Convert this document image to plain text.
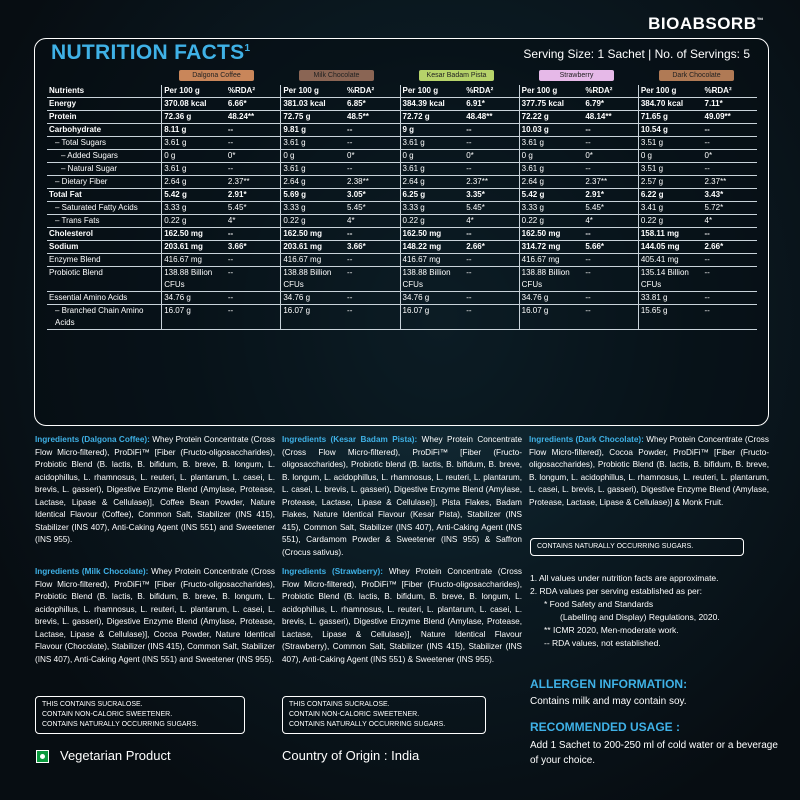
BIOABSORB™
NUTRITION FACTS$^1$	Serving Size: 1 Sachet | No. of Servings: 5
Dalgona Coffee	Milk Chocolate	Kesar Badam Pista	Strawberry	Dark Chocolate
Nutrients	Per 100 g	%RDA²	Per 100 g	%RDA²	Per 100 g	%RDA²	Per 100 g	%RDA²	Per 100 g	%RDA²
Energy	370.08 kcal	6.66*	381.03 kcal	6.85*	384.39 kcal	6.91*	377.75 kcal	6.79*	384.70 kcal	7.11*
Protein	72.36 g	48.24**	72.75 g	48.5**	72.72 g	48.48**	72.22 g	48.14**	71.65 g	49.09**
Carbohydrate	8.11 g	--	9.81 g	--	9 g	--	10.03 g	--	10.54 g	--
– Total Sugars	3.61 g	--	3.61 g	--	3.61 g	--	3.61 g	--	3.51 g	--
– Added Sugars	0 g	0*	0 g	0*	0 g	0*	0 g	0*	0 g	0*
– Natural Sugar	3.61 g	--	3.61 g	--	3.61 g	--	3.61 g	--	3.51 g	--
– Dietary Fiber	2.64 g	2.37**	2.64 g	2.38**	2.64 g	2.37**	2.64 g	2.37**	2.57 g	2.37**
Total Fat	5.42 g	2.91*	5.69 g	3.05*	6.25 g	3.35*	5.42 g	2.91*	6.22 g	3.43*
– Saturated Fatty Acids	3.33 g	5.45*	3.33 g	5.45*	3.33 g	5.45*	3.33 g	5.45*	3.41 g	5.72*
– Trans Fats	0.22 g	4*	0.22 g	4*	0.22 g	4*	0.22 g	4*	0.22 g	4*
Cholesterol	162.50 mg	--	162.50 mg	--	162.50 mg	--	162.50 mg	--	158.11 mg	--
Sodium	203.61 mg	3.66*	203.61 mg	3.66*	148.22 mg	2.66*	314.72 mg	5.66*	144.05 mg	2.66*
Enzyme Blend	416.67 mg	--	416.67 mg	--	416.67 mg	--	416.67 mg	--	405.41 mg	--
Probiotic Blend	138.88 Billion CFUs	--	138.88 Billion CFUs	--	138.88 Billion CFUs	--	138.88 Billion CFUs	--	135.14 Billion CFUs	--
Essential Amino Acids	34.76 g	--	34.76 g	--	34.76 g	--	34.76 g	--	33.81 g	--
– Branched Chain Amino Acids	16.07 g	--	16.07 g	--	16.07 g	--	16.07 g	--	15.65 g	--
Ingredients (Dalgona Coffee): Whey Protein Concentrate (Cross Flow Micro-filtered), ProDiFi™ [Fiber (Fructo-oligosaccharides), Probiotic Blend (B. lactis, B. bifidum, B. breve, B. longum, L. acidophillus, L. rhamnosus, L. reuteri, L. plantarum, L. casei, L. brevis, L. gasseri), Digestive Enzyme Blend (Amylase, Protease, Lactase, Lipase & Cellulase)], Coffee Bean Powder, Nature Identical Flavour (Coffee), Common Salt, Stabilizer (INS 415), Stabilizer (INS 407), Anti-Caking Agent (INS 551) and Sweetener (INS 955).
Ingredients (Milk Chocolate): Whey Protein Concentrate (Cross Flow Micro-filtered), ProDiFi™ [Fiber (Fructo-oligosaccharides), Probiotic Blend (B. lactis, B. bifidum, B. breve, B. longum, L. acidophillus, L. rhamnosus, L. reuteri, L. plantarum, L. casei, L. brevis, L. gasseri), Digestive Enzyme Blend (Amylase, Protease, Lactase, Lipase & Cellulase)], Cocoa Powder, Nature Identical Flavour (Chocolate), Stabilizer (INS 415), Common Salt, Stabilizer (INS 407), Anti-Caking Agent (INS 551) and Sweetener (INS 955).
Ingredients (Kesar Badam Pista): Whey Protein Concentrate (Cross Flow Micro-filtered), ProDiFi™ [Fiber (Fructo-oligosaccharides), Probiotic blend (B. lactis, B. bifidum, B. breve, B. longum, L. acidophillus, L. rhamnosus, L. reuteri, L. plantarum, L. casei, L. brevis, L. gasseri), Digestive Enzyme Blend (Amylase, Protease, Lactase, Lipase & Cellulase)], Pista Flakes, Badam Flakes, Nature Identical Flavour (Kesar Pista), Stabilizer (INS 415), Common Salt, Stabilizer (INS 407), Anti-Caking Agent (INS 551), Cardamom Powder & Sweetener (INS 955) & Saffron (Crocus sativus).
Ingredients (Strawberry): Whey Protein Concentrate (Cross Flow Micro-filtered), ProDiFi™ [Fiber (Fructo-oligosaccharides), Probiotic Blend (B. lactis, B. bifidum, B. breve, B. longum, L. acidophillus, L. rhamnosus, L. reuteri, L. plantarum, L. casei, L. brevis, L. gasseri), Digestive Enzyme Blend (Amylase, Protease, Lactase, Lipase & Cellulase)], Nature Identical Flavour (Strawberry), Common Salt, Stabilizer (INS 415), Stabilizer (INS 407), Anti-Caking Agent (INS 551) & Sweetener (INS 955).
Ingredients (Dark Chocolate): Whey Protein Concentrate (Cross Flow Micro-filtered), Cocoa Powder, ProDiFi™ [Fiber (Fructo-oligosaccharides), Probiotic Blend (B. lactis, B. bifidum, B. breve, B. longum, L. acidophillus, L. rhamnosus, L. reuteri, L. plantarum, L. casei, L. brevis, L. gasseri), Digestive Enzyme Blend (Amylase, Protease, Lactase, Lipase & Cellulase)] & Monk Fruit.
THIS CONTAINS SUCRALOSE.
CONTAIN NON-CALORIC SWEETENER.
CONTAINS NATURALLY OCCURRING SUGARS.
THIS CONTAINS SUCRALOSE.
CONTAIN NON-CALORIC SWEETENER.
CONTAINS NATURALLY OCCURRING SUGARS.
CONTAINS NATURALLY OCCURRING SUGARS.
1. All values under nutrition facts are approximate.
2. RDA values per serving established as per:
* Food Safety and Standards
(Labelling and Display) Regulations, 2020.
** ICMR 2020, Men-moderate work.
-- RDA values, not established.
ALLERGEN INFORMATION:
Contains milk and may contain soy.
RECOMMENDED USAGE :
Add 1 Sachet to 200-250 ml of cold water or a beverage of your choice.
Vegetarian Product	Country of Origin : India
